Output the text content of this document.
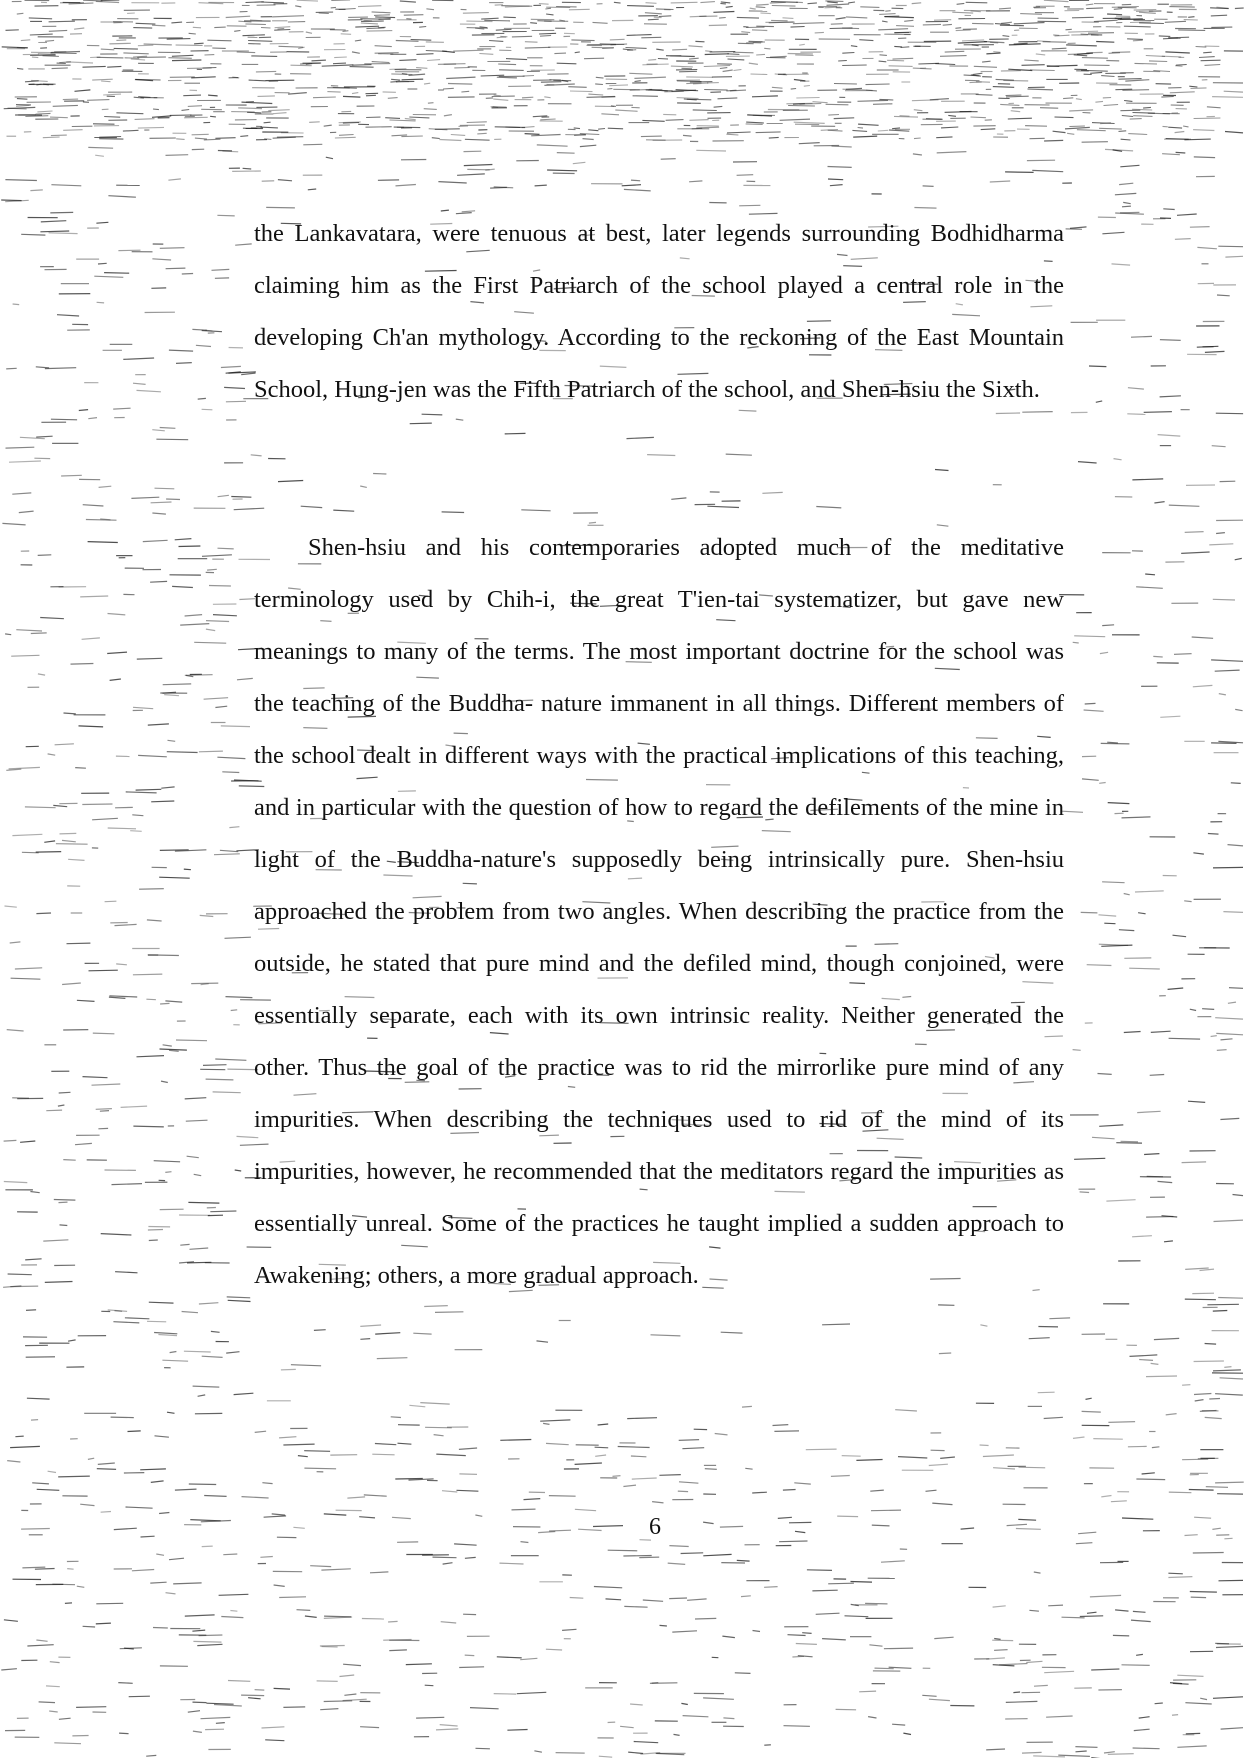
the Lankavatara, were tenuous at best, later legends surrounding Bodhidharma claiming him as the First Patriarch of the school played a central role in the developing Ch'an mythology. According to the reckoning of the East Mountain School, Hung-jen was the Fifth Patriarch of the school, and Shen-hsiu the Sixth.

Shen-hsiu and his contemporaries adopted much of the meditative terminology used by Chih-i, the great T'ien-tai systematizer, but gave new meanings to many of the terms. The most important doctrine for the school was the teaching of the Buddha- nature immanent in all things. Different members of the school dealt in different ways with the practical implications of this teaching, and in particular with the question of how to regard the defilements of the mine in light of the Buddha-nature's supposedly being intrinsically pure. Shen-hsiu approached the problem from two angles. When describing the practice from the outside, he stated that pure mind and the defiled mind, though conjoined, were essentially separate, each with its own intrinsic reality. Neither generated the other. Thus the goal of the practice was to rid the mirrorlike pure mind of any impurities. When describing the techniques used to rid of the mind of its impurities, however, he recommended that the meditators regard the impurities as essentially unreal. Some of the practices he taught implied a sudden approach to Awakening; others, a more gradual approach.

6
